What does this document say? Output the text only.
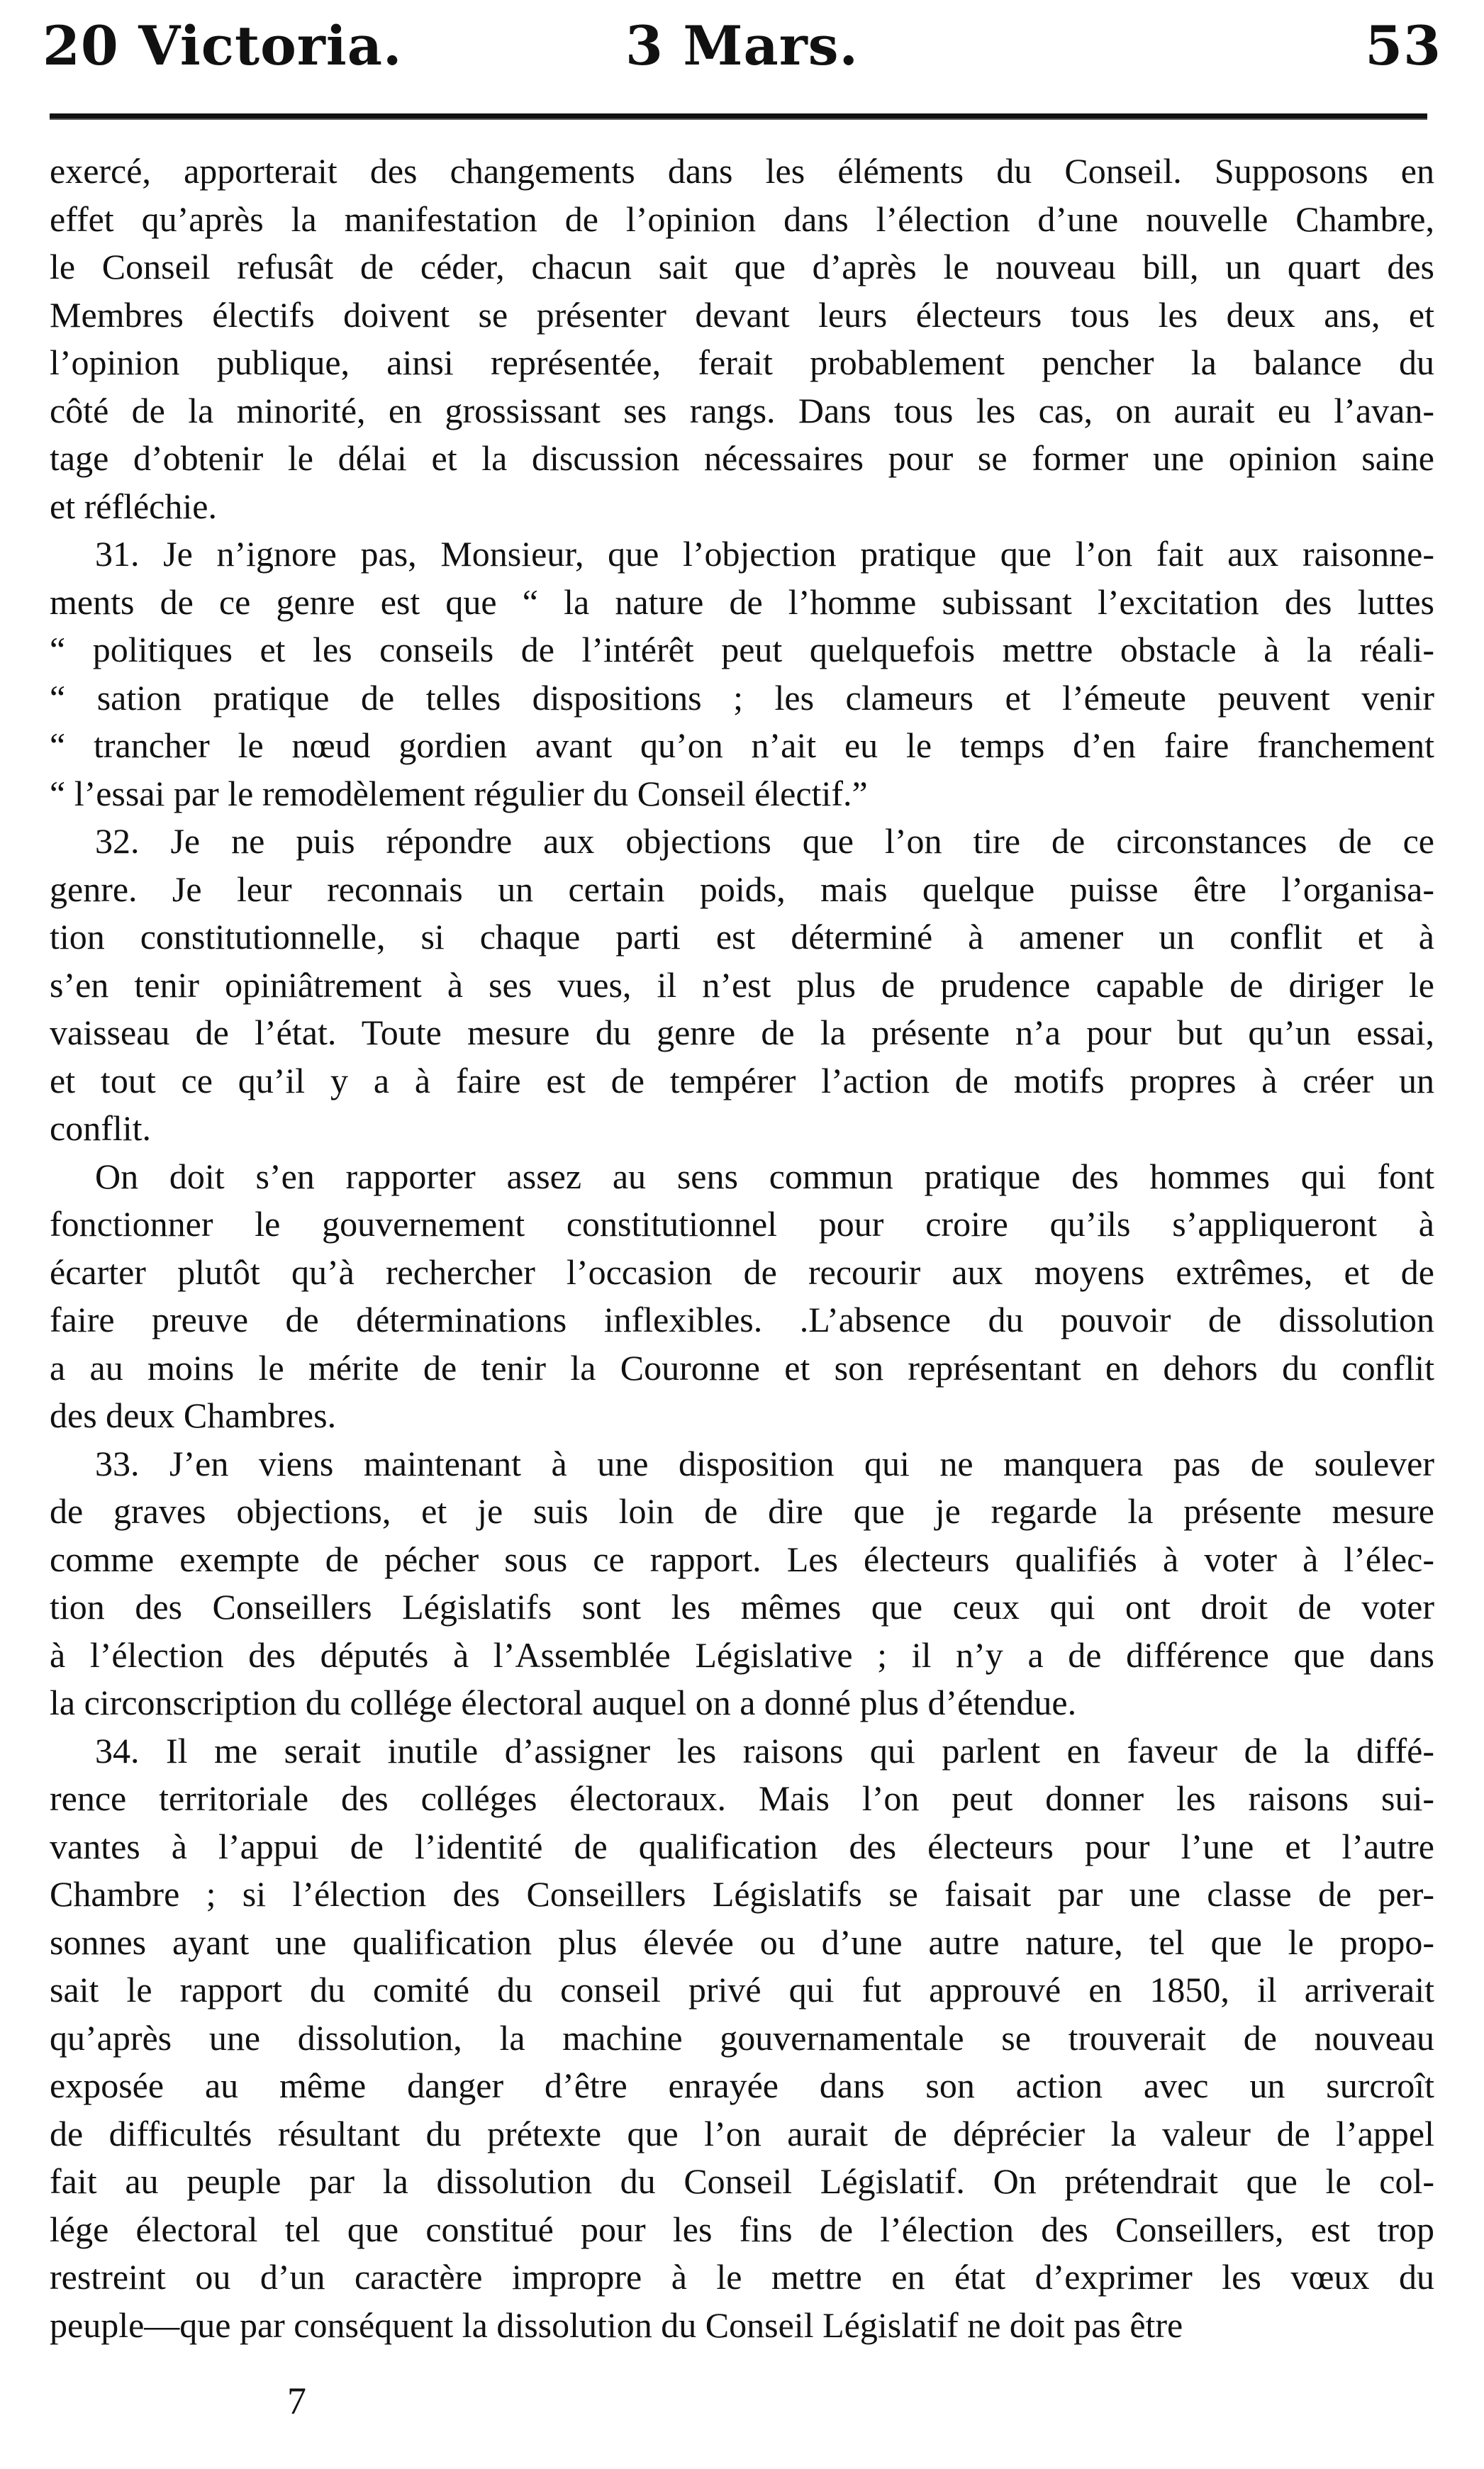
20 Victoria.	3 Mars.	53
exercé, apporterait des changements dans les éléments du Conseil. Supposons en
effet qu’après la manifestation de l’opinion dans l’élection d’une nouvelle Chambre,
le Conseil refusât de céder, chacun sait que d’après le nouveau bill, un quart des
Membres électifs doivent se présenter devant leurs électeurs tous les deux ans, et
l’opinion publique, ainsi représentée, ferait probablement pencher la balance du
côté de la minorité, en grossissant ses rangs. Dans tous les cas, on aurait eu l’avan-
tage d’obtenir le délai et la discussion nécessaires pour se former une opinion saine
et réfléchie.
31. Je n’ignore pas, Monsieur, que l’objection pratique que l’on fait aux raisonne-
ments de ce genre est que “ la nature de l’homme subissant l’excitation des luttes
“ politiques et les conseils de l’intérêt peut quelquefois mettre obstacle à la réali-
“ sation pratique de telles dispositions ; les clameurs et l’émeute peuvent venir
“ trancher le nœud gordien avant qu’on n’ait eu le temps d’en faire franchement
“ l’essai par le remodèlement régulier du Conseil électif.”
32. Je ne puis répondre aux objections que l’on tire de circonstances de ce
genre. Je leur reconnais un certain poids, mais quelque puisse être l’organisa-
tion constitutionnelle, si chaque parti est déterminé à amener un conflit et à
s’en tenir opiniâtrement à ses vues, il n’est plus de prudence capable de diriger le
vaisseau de l’état. Toute mesure du genre de la présente n’a pour but qu’un essai,
et tout ce qu’il y a à faire est de tempérer l’action de motifs propres à créer un
conflit.
On doit s’en rapporter assez au sens commun pratique des hommes qui font
fonctionner le gouvernement constitutionnel pour croire qu’ils s’appliqueront à
écarter plutôt qu’à rechercher l’occasion de recourir aux moyens extrêmes, et de
faire preuve de déterminations inflexibles. .L’absence du pouvoir de dissolution
a au moins le mérite de tenir la Couronne et son représentant en dehors du conflit
des deux Chambres.
33. J’en viens maintenant à une disposition qui ne manquera pas de soulever
de graves objections, et je suis loin de dire que je regarde la présente mesure
comme exempte de pécher sous ce rapport. Les électeurs qualifiés à voter à l’élec-
tion des Conseillers Législatifs sont les mêmes que ceux qui ont droit de voter
à l’élection des députés à l’Assemblée Législative ; il n’y a de différence que dans
la circonscription du collége électoral auquel on a donné plus d’étendue.
34. Il me serait inutile d’assigner les raisons qui parlent en faveur de la diffé-
rence territoriale des colléges électoraux. Mais l’on peut donner les raisons sui-
vantes à l’appui de l’identité de qualification des électeurs pour l’une et l’autre
Chambre ; si l’élection des Conseillers Législatifs se faisait par une classe de per-
sonnes ayant une qualification plus élevée ou d’une autre nature, tel que le propo-
sait le rapport du comité du conseil privé qui fut approuvé en 1850, il arriverait
qu’après une dissolution, la machine gouvernamentale se trouverait de nouveau
exposée au même danger d’être enrayée dans son action avec un surcroît
de difficultés résultant du prétexte que l’on aurait de déprécier la valeur de l’appel
fait au peuple par la dissolution du Conseil Législatif. On prétendrait que le col-
lége électoral tel que constitué pour les fins de l’élection des Conseillers, est trop
restreint ou d’un caractère impropre à le mettre en état d’exprimer les vœux du
peuple—que par conséquent la dissolution du Conseil Législatif ne doit pas être
7
